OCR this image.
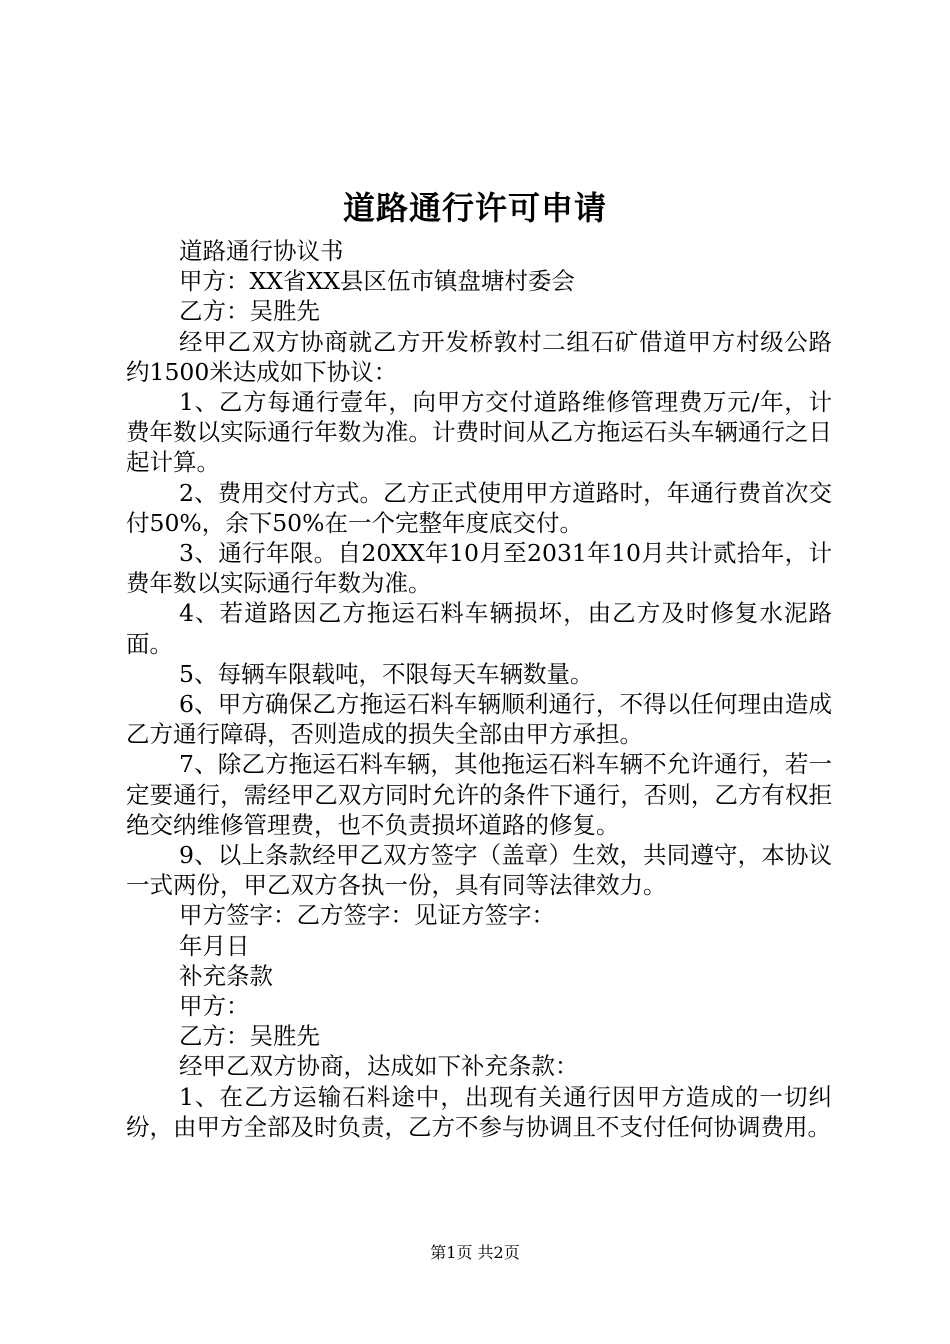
道路通行许可申请

道路通行协议书

甲方：XX省XX县区伍市镇盘塘村委会

乙方：吴胜先

经甲乙双方协商就乙方开发桥敦村二组石矿借道甲方村级公路约1500米达成如下协议：

1、乙方每通行壹年，向甲方交付道路维修管理费万元/年，计费年数以实际通行年数为准。计费时间从乙方拖运石头车辆通行之日起计算。

2、费用交付方式。乙方正式使用甲方道路时，年通行费首次交付50%，余下50%在一个完整年度底交付。

3、通行年限。自20XX年10月至2031年10月共计贰拾年，计费年数以实际通行年数为准。

4、若道路因乙方拖运石料车辆损坏，由乙方及时修复水泥路面。

5、每辆车限载吨，不限每天车辆数量。

6、甲方确保乙方拖运石料车辆顺利通行，不得以任何理由造成乙方通行障碍，否则造成的损失全部由甲方承担。

7、除乙方拖运石料车辆，其他拖运石料车辆不允许通行，若一定要通行，需经甲乙双方同时允许的条件下通行，否则，乙方有权拒绝交纳维修管理费，也不负责损坏道路的修复。

9、以上条款经甲乙双方签字（盖章）生效，共同遵守，本协议一式两份，甲乙双方各执一份，具有同等法律效力。

甲方签字：乙方签字：见证方签字：

年月日

补充条款

甲方：

乙方：吴胜先

经甲乙双方协商，达成如下补充条款：

1、在乙方运输石料途中，出现有关通行因甲方造成的一切纠纷，由甲方全部及时负责，乙方不参与协调且不支付任何协调费用。

第1页 共2页
